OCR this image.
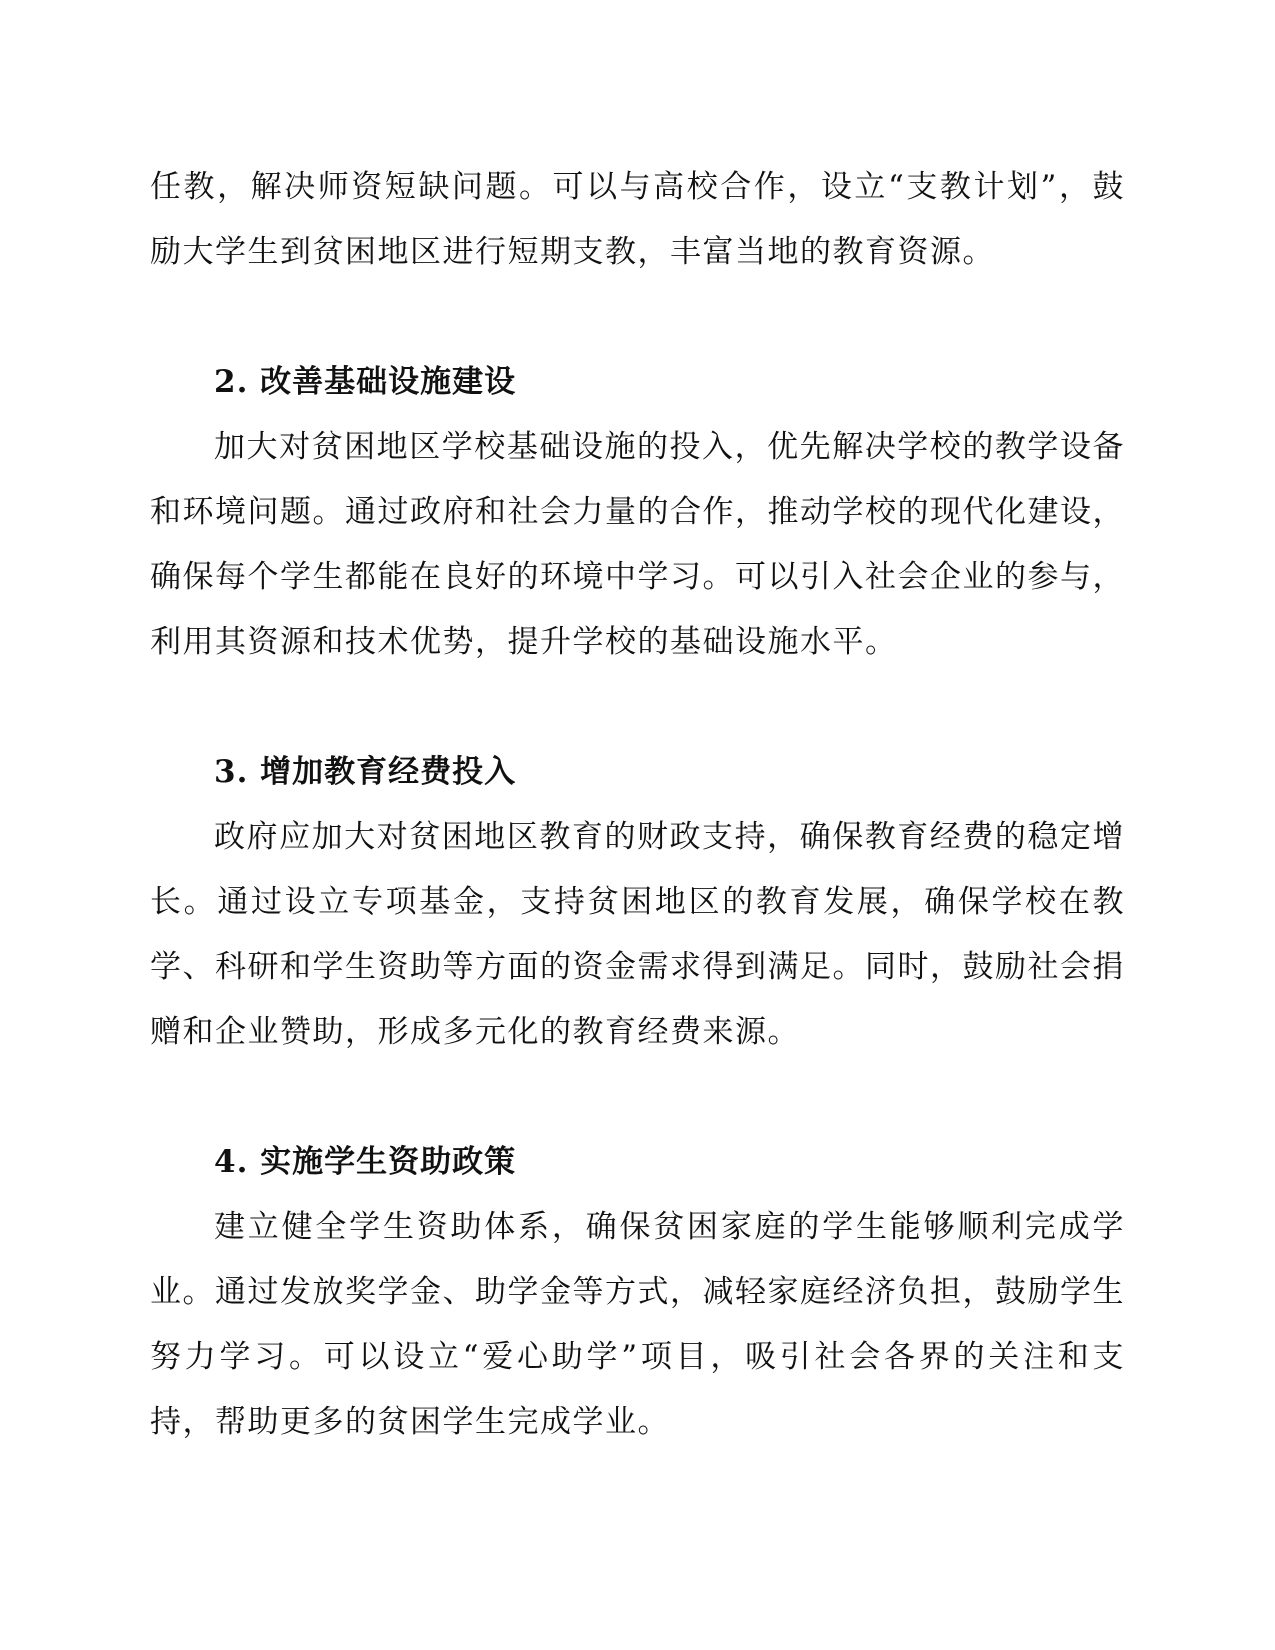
任教，解决师资短缺问题。可以与高校合作，设立“支教计划”，鼓励大学生到贫困地区进行短期支教，丰富当地的教育资源。

2. 改善基础设施建设

加大对贫困地区学校基础设施的投入，优先解决学校的教学设备和环境问题。通过政府和社会力量的合作，推动学校的现代化建设，确保每个学生都能在良好的环境中学习。可以引入社会企业的参与，利用其资源和技术优势，提升学校的基础设施水平。

3. 增加教育经费投入

政府应加大对贫困地区教育的财政支持，确保教育经费的稳定增长。通过设立专项基金，支持贫困地区的教育发展，确保学校在教学、科研和学生资助等方面的资金需求得到满足。同时，鼓励社会捐赠和企业赞助，形成多元化的教育经费来源。

4. 实施学生资助政策

建立健全学生资助体系，确保贫困家庭的学生能够顺利完成学业。通过发放奖学金、助学金等方式，减轻家庭经济负担，鼓励学生努力学习。可以设立“爱心助学”项目，吸引社会各界的关注和支持，帮助更多的贫困学生完成学业。
